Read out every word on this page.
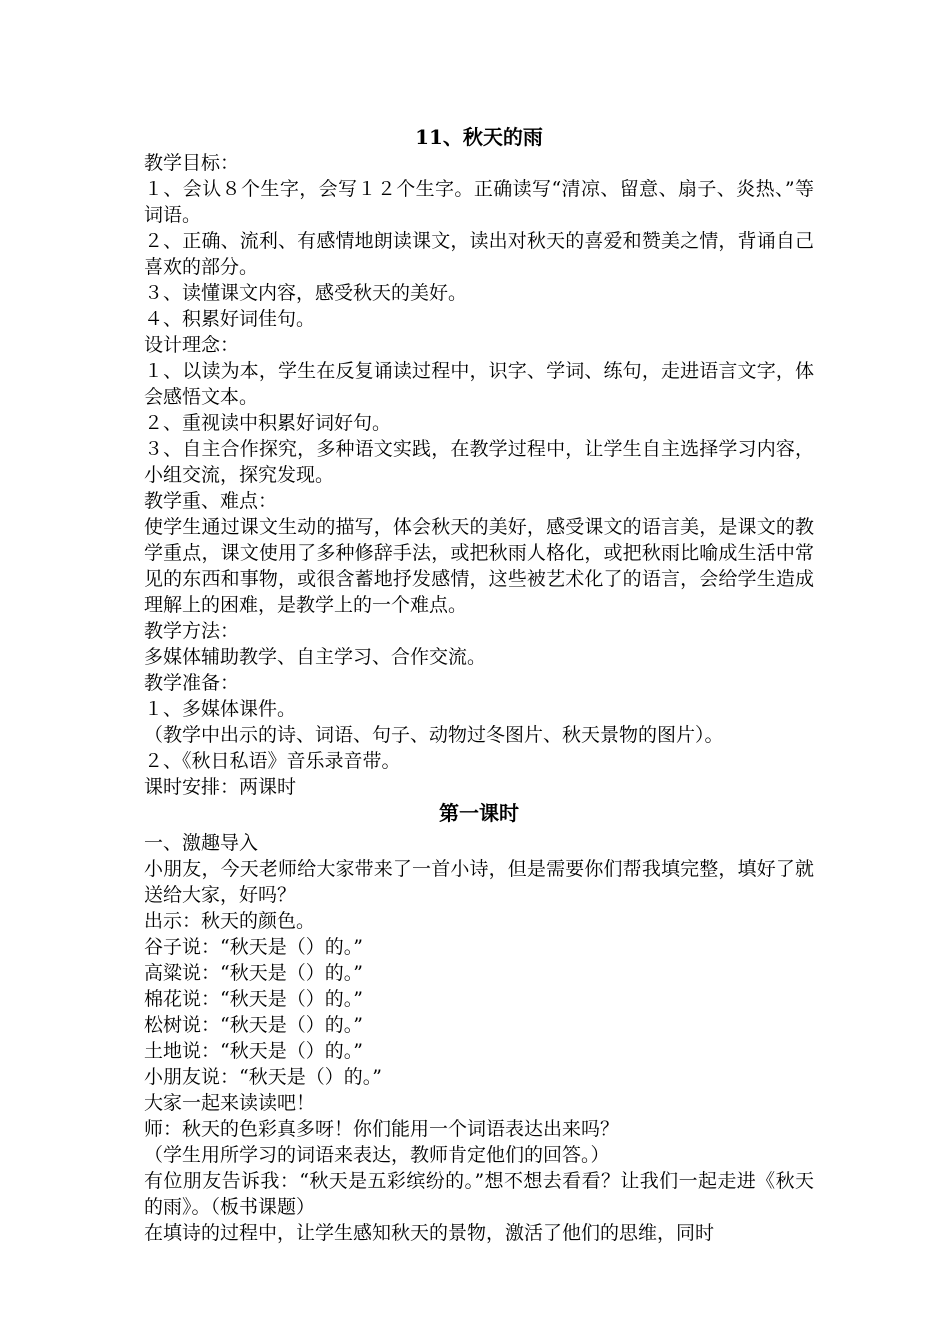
11、秋天的雨
教学目标：
１、会认８个生字，会写１２个生字。正确读写“清凉、留意、扇子、炎热、”等词语。
２、正确、流利、有感情地朗读课文，读出对秋天的喜爱和赞美之情，背诵自己喜欢的部分。
３、读懂课文内容，感受秋天的美好。
４、积累好词佳句。
设计理念：
１、以读为本，学生在反复诵读过程中，识字、学词、练句，走进语言文字，体会感悟文本。
２、重视读中积累好词好句。
３、自主合作探究，多种语文实践，在教学过程中，让学生自主选择学习内容，小组交流，探究发现。
教学重、难点：
使学生通过课文生动的描写，体会秋天的美好，感受课文的语言美，是课文的教学重点，课文使用了多种修辞手法，或把秋雨人格化，或把秋雨比喻成生活中常见的东西和事物，或很含蓄地抒发感情，这些被艺术化了的语言，会给学生造成理解上的困难，是教学上的一个难点。
教学方法：
多媒体辅助教学、自主学习、合作交流。
教学准备：
１、多媒体课件。
（教学中出示的诗、词语、句子、动物过冬图片、秋天景物的图片）。
２、《秋日私语》音乐录音带。
课时安排：两课时
第一课时
一、激趣导入
小朋友，今天老师给大家带来了一首小诗，但是需要你们帮我填完整，填好了就送给大家，好吗？
出示：秋天的颜色。
谷子说：“秋天是（）的。”
高粱说：“秋天是（）的。”
棉花说：“秋天是（）的。”
松树说：“秋天是（）的。”
土地说：“秋天是（）的。”
小朋友说：“秋天是（）的。”
大家一起来读读吧！
师：秋天的色彩真多呀！你们能用一个词语表达出来吗？
（学生用所学习的词语来表达，教师肯定他们的回答。）
有位朋友告诉我：“秋天是五彩缤纷的。”想不想去看看？让我们一起走进《秋天的雨》。（板书课题）
在填诗的过程中，让学生感知秋天的景物，激活了他们的思维，同时
